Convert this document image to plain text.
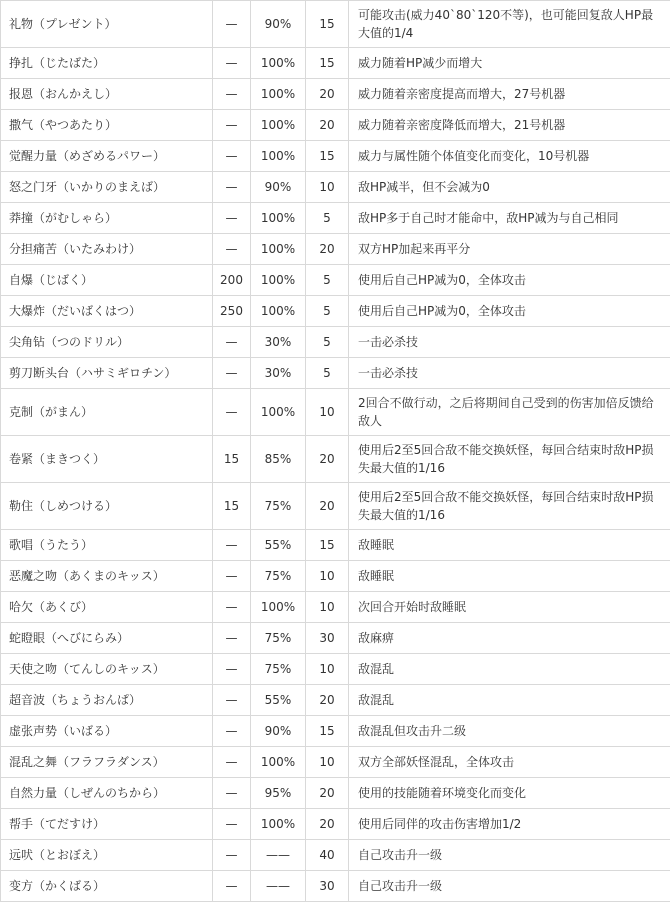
礼物（プレゼント）	—	90%	15	可能攻击(威力40`80`120不等)，也可能回复敌人HP最大值的1/4
挣扎（じたばた）	—	100%	15	威力随着HP减少而增大
报恩（おんかえし）	—	100%	20	威力随着亲密度提高而增大，27号机器
撒气（やつあたり）	—	100%	20	威力随着亲密度降低而增大，21号机器
觉醒力量（めざめるパワー）	—	100%	15	威力与属性随个体值变化而变化，10号机器
怒之门牙（いかりのまえば）	—	90%	10	敌HP减半，但不会减为0
莽撞（がむしゃら）	—	100%	5	敌HP多于自己时才能命中，敌HP减为与自己相同
分担痛苦（いたみわけ）	—	100%	20	双方HP加起来再平分
自爆（じばく）	200	100%	5	使用后自己HP减为0，全体攻击
大爆炸（だいばくはつ）	250	100%	5	使用后自己HP减为0，全体攻击
尖角钻（つのドリル）	—	30%	5	一击必杀技
剪刀断头台（ハサミギロチン）	—	30%	5	一击必杀技
克制（がまん）	—	100%	10	2回合不做行动，之后将期间自己受到的伤害加倍反馈给敌人
卷紧（まきつく）	15	85%	20	使用后2至5回合敌不能交换妖怪，每回合结束时敌HP损失最大值的1/16
勒住（しめつける）	15	75%	20	使用后2至5回合敌不能交换妖怪，每回合结束时敌HP损失最大值的1/16
歌唱（うたう）	—	55%	15	敌睡眠
恶魔之吻（あくまのキッス）	—	75%	10	敌睡眠
哈欠（あくび）	—	100%	10	次回合开始时敌睡眠
蛇瞪眼（へびにらみ）	—	75%	30	敌麻痹
天使之吻（てんしのキッス）	—	75%	10	敌混乱
超音波（ちょうおんぱ）	—	55%	20	敌混乱
虚张声势（いばる）	—	90%	15	敌混乱但攻击升二级
混乱之舞（フラフラダンス）	—	100%	10	双方全部妖怪混乱，全体攻击
自然力量（しぜんのちから）	—	95%	20	使用的技能随着环境变化而变化
帮手（てだすけ）	—	100%	20	使用后同伴的攻击伤害增加1/2
远吠（とおぼえ）	—	——	40	自己攻击升一级
变方（かくばる）	—	——	30	自己攻击升一级
